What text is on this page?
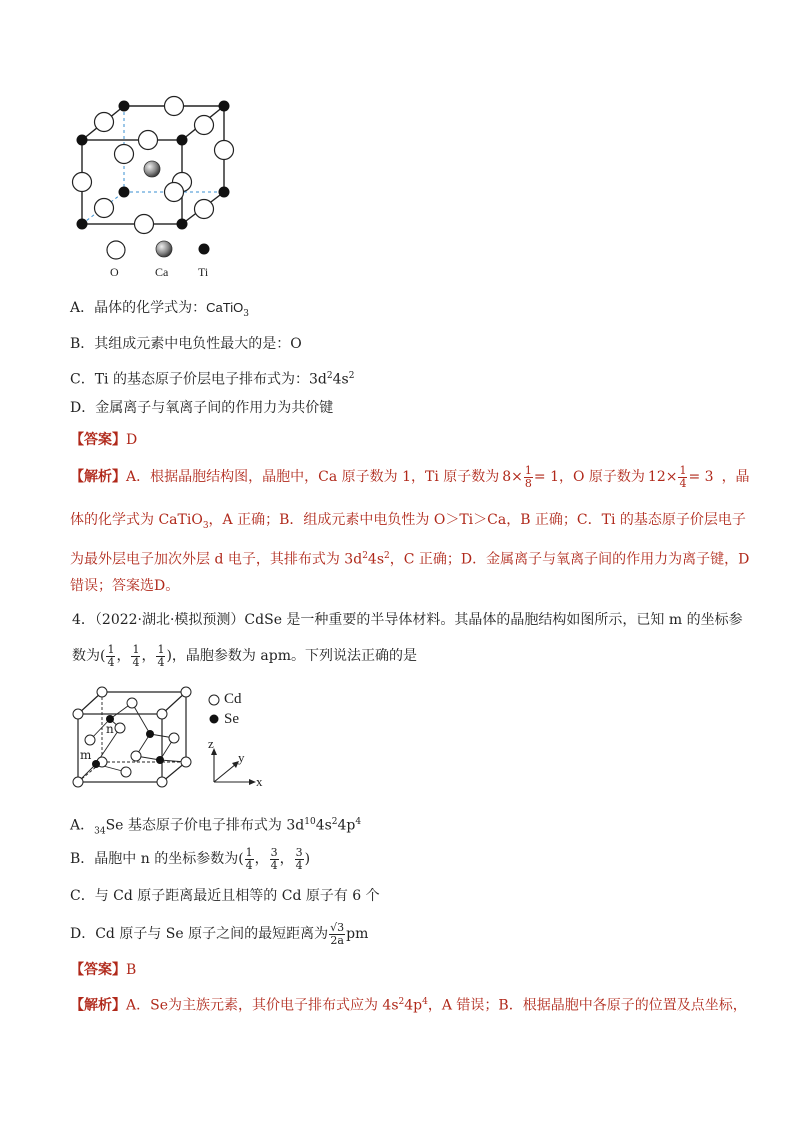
O	Ca Ti
A．晶体的化学式为：CaTiO$_3$
B．其组成元素中电负性最大的是：O
C．Ti 的基态原子价层电子排布式为：$3d^24s^2$
D．金属离子与氧离子间的作用力为共价键
【答案】D
【解析】A．根据晶胞结构图，晶胞中，Ca 原子数为 1，Ti 原子数为 $8\times \frac{1}{8} = 1$，O 原子数为 $12\times \frac{1}{4} = 3$ ，晶
体的化学式为 CaTiO$_3$，A 正确；B．组成元素中电负性为 O＞Ti＞Ca，B 正确；C．Ti 的基态原子价层电子
为最外层电子加次外层 d 电子，其排布式为 $3d^24s^2$，C 正确；D．金属离子与氧离子间的作用力为离子键，D
错误；答案选D。
4．（2022·湖北·模拟预测）CdSe 是一种重要的半导体材料。其晶体的晶胞结构如图所示，已知 m 的坐标参
数为( $\frac{1}{4}$ ， $\frac{1}{4}$ ， $\frac{1}{4}$ )，晶胞参数为 apm。下列说法正确的是
n
m
Cd
Se
z
y
x
A．$_{34}$Se 基态原子价电子排布式为 $3d^{10}4s^24p^4$
B．晶胞中 n 的坐标参数为( $\frac{1}{4}$ ， $\frac{3}{4}$ ， $\frac{3}{4}$ )
C．与 Cd 原子距离最近且相等的 Cd 原子有 6 个
D．Cd 原子与 Se 原子之间的最短距离为 $\frac{√3}{2a}$ pm
【答案】B
【解析】A．Se为主族元素，其价电子排布式应为 $4s^24p^4$，A 错误；B．根据晶胞中各原子的位置及点坐标，
